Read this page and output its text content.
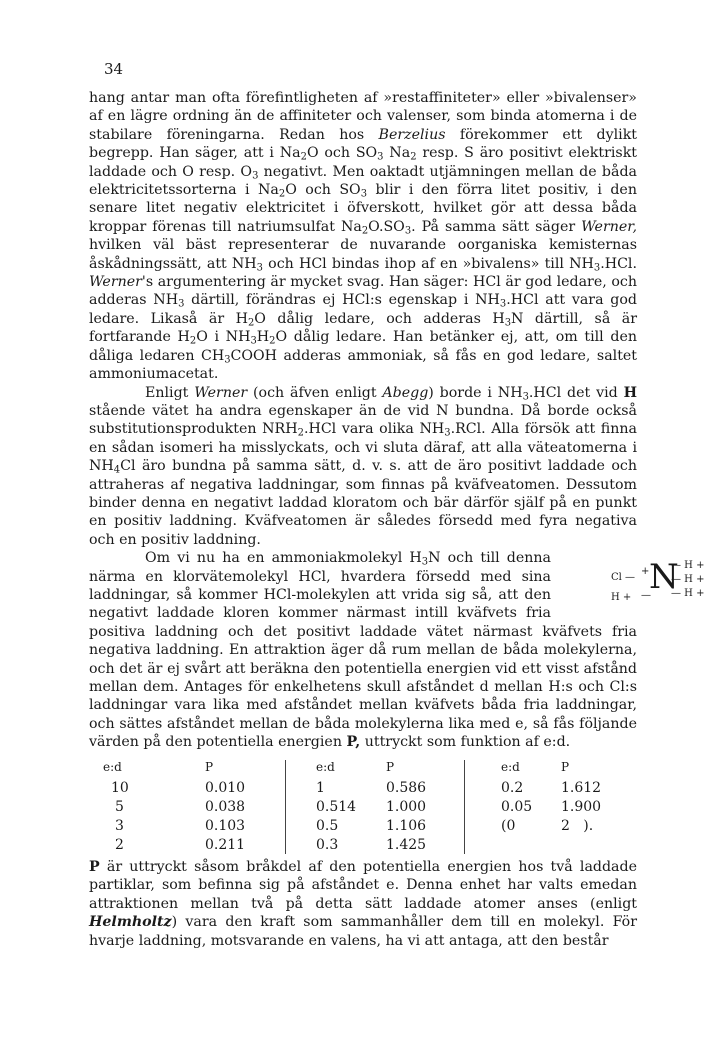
34

hang antar man ofta förefintligheten af »restaffiniteter» eller »bivalenser» af en lägre ordning än de affiniteter och valenser, som binda atomerna i de stabilare föreningarna. Redan hos Berzelius förekommer ett dylikt begrepp. Han säger, att i $Na_2O$ och $SO_3$ $Na_2$ resp. S äro positivt elektriskt laddade och O resp. $O_3$ negativt. Men oaktadt utjämningen mellan de båda elektricitetssorterna i $Na_2O$ och $SO_3$ blir i den förra litet positiv, i den senare litet negativ elektricitet i öfverskott, hvilket gör att dessa båda kroppar förenas till natriumsulfat $Na_2O.SO_3$. På samma sätt säger Werner, hvilken väl bäst representerar de nuvarande oorganiska kemisternas åskådningssätt, att $NH_3$ och HCl bindas ihop af en »bivalens» till $NH_3.HCl$. Werner's argumentering är mycket svag. Han säger: HCl är god ledare, och adderas $NH_3$ därtill, förändras ej HCl:s egenskap i $NH_3.HCl$ att vara god ledare. Likaså är $H_2O$ dålig ledare, och adderas $H_3N$ därtill, så är fortfarande $H_2O$ i $NH_3H_2O$ dålig ledare. Han betänker ej, att, om till den dåliga ledaren $CH_3COOH$ adderas ammoniak, så fås en god ledare, saltet ammoniumacetat.

Enligt Werner (och äfven enligt Abegg) borde i $NH_3.HCl$ det vid H stående vätet ha andra egenskaper än de vid N bundna. Då borde också substitutionsprodukten $NRH_2.HCl$ vara olika $NH_3.RCl$. Alla försök att finna en sådan isomeri ha misslyckats, och vi sluta däraf, att alla väteatomerna i $NH_4Cl$ äro bundna på samma sätt, d. v. s. att de äro positivt laddade och attraheras af negativa laddningar, som finnas på kväfveatomen. Dessutom binder denna en negativt laddad kloratom och bär därför själf på en punkt en positiv laddning. Kväfveatomen är således försedd med fyra negativa och en positiv laddning.

Cl —
+ N
— H +
— H +
— H +
H + —
Om vi nu ha en ammoniakmolekyl $H_3N$ och till denna närma en klorvätemolekyl HCl, hvardera försedd med sina laddningar, så kommer HCl-molekylen att vrida sig så, att den negativt laddade kloren kommer närmast intill kväfvets fria positiva laddning och det positivt laddade vätet närmast kväfvets fria negativa laddning. En attraktion äger då rum mellan de båda molekylerna, och det är ej svårt att beräkna den potentiella energien vid ett visst afstånd mellan dem. Antages för enkelhetens skull afståndet d mellan H:s och Cl:s laddningar vara lika med afståndet mellan kväfvets båda fria laddningar, och sättes afståndet mellan de båda molekylerna lika med e, så fås följande värden på den potentiella energien P, uttryckt som funktion af e:d.

e:d	P	e:d	P	e:d	P
10	0.010	1	0.586	0.2	1.612
5	0.038	0.514	1.000	0.05	1.900
3	0.103	0.5	1.106	(0	2   ).
2	0.211	0.3	1.425		

P är uttryckt såsom bråkdel af den potentiella energien hos två laddade partiklar, som befinna sig på afståndet e. Denna enhet har valts emedan attraktionen mellan två på detta sätt laddade atomer anses (enligt Helmholtz) vara den kraft som sammanhåller dem till en molekyl. För hvarje laddning, motsvarande en valens, ha vi att antaga, att den består
